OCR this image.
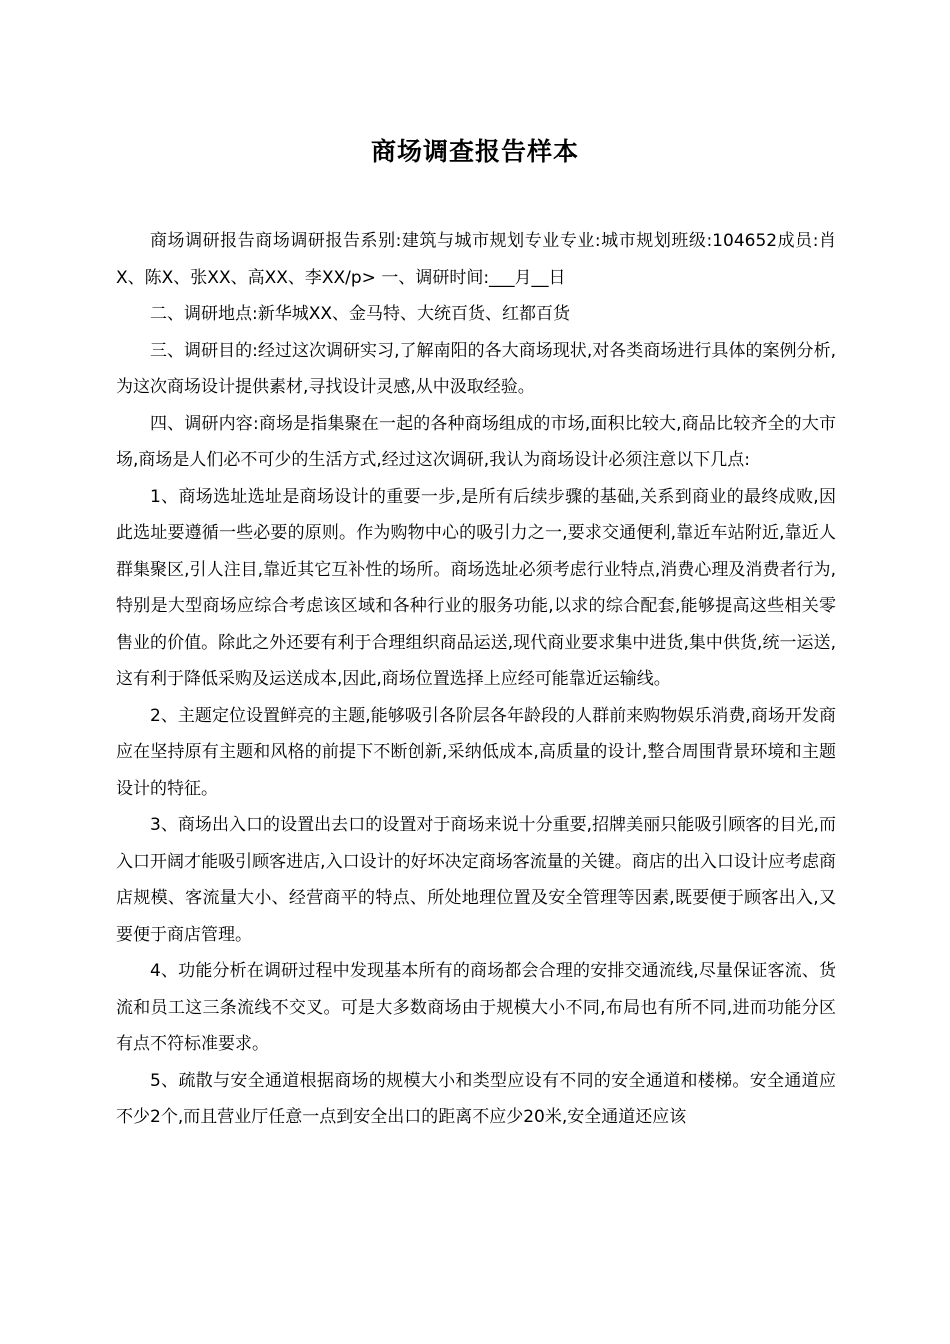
商场调查报告样本

商场调研报告商场调研报告系别:建筑与城市规划专业专业:城市规划班级:104652成员:肖X、陈X、张XX、高XX、李XX/p> 一、调研时间:___月__日

二、调研地点:新华城XX、金马特、大统百货、红都百货

三、调研目的:经过这次调研实习,了解南阳的各大商场现状,对各类商场进行具体的案例分析,为这次商场设计提供素材,寻找设计灵感,从中汲取经验。

四、调研内容:商场是指集聚在一起的各种商场组成的市场,面积比较大,商品比较齐全的大市场,商场是人们必不可少的生活方式,经过这次调研,我认为商场设计必须注意以下几点:

1、商场选址选址是商场设计的重要一步,是所有后续步骤的基础,关系到商业的最终成败,因此选址要遵循一些必要的原则。作为购物中心的吸引力之一,要求交通便利,靠近车站附近,靠近人群集聚区,引人注目,靠近其它互补性的场所。商场选址必须考虑行业特点,消费心理及消费者行为,特别是大型商场应综合考虑该区域和各种行业的服务功能,以求的综合配套,能够提高这些相关零售业的价值。除此之外还要有利于合理组织商品运送,现代商业要求集中进货,集中供货,统一运送,这有利于降低采购及运送成本,因此,商场位置选择上应经可能靠近运输线。

2、主题定位设置鲜亮的主题,能够吸引各阶层各年龄段的人群前来购物娱乐消费,商场开发商应在坚持原有主题和风格的前提下不断创新,采纳低成本,高质量的设计,整合周围背景环境和主题设计的特征。

3、商场出入口的设置出去口的设置对于商场来说十分重要,招牌美丽只能吸引顾客的目光,而入口开阔才能吸引顾客进店,入口设计的好坏决定商场客流量的关键。商店的出入口设计应考虑商店规模、客流量大小、经营商平的特点、所处地理位置及安全管理等因素,既要便于顾客出入,又要便于商店管理。

4、功能分析在调研过程中发现基本所有的商场都会合理的安排交通流线,尽量保证客流、货流和员工这三条流线不交叉。可是大多数商场由于规模大小不同,布局也有所不同,进而功能分区有点不符标准要求。

5、疏散与安全通道根据商场的规模大小和类型应设有不同的安全通道和楼梯。安全通道应不少2个,而且营业厅任意一点到安全出口的距离不应少20米,安全通道还应该
